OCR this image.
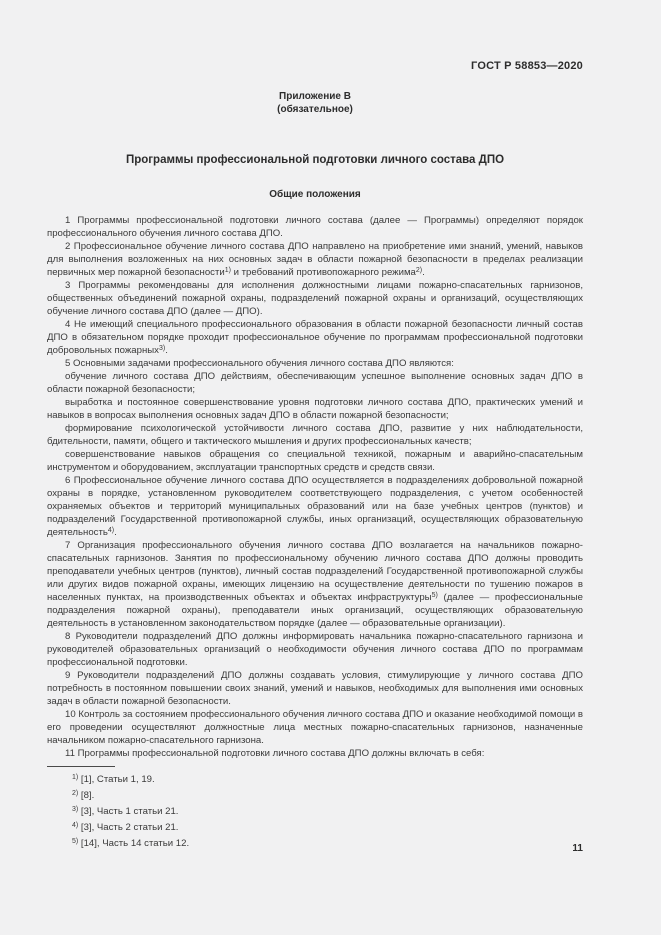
ГОСТ Р 58853—2020
Приложение В
(обязательное)
Программы профессиональной подготовки личного состава ДПО
Общие положения

1 Программы профессиональной подготовки личного состава (далее — Программы) определяют порядок профессионального обучения личного состава ДПО.

2 Профессиональное обучение личного состава ДПО направлено на приобретение ими знаний, умений, навыков для выполнения возложенных на них основных задач в области пожарной безопасности в пределах реализации первичных мер пожарной безопасности$^{1)}$ и требований противопожарного режима$^{2)}$.

3 Программы рекомендованы для исполнения должностными лицами пожарно-спасательных гарнизонов, общественных объединений пожарной охраны, подразделений пожарной охраны и организаций, осуществляющих обучение личного состава ДПО (далее — ДПО).

4 Не имеющий специального профессионального образования в области пожарной безопасности личный состав ДПО в обязательном порядке проходит профессиональное обучение по программам профессиональной подготовки добровольных пожарных$^{3)}$.

5 Основными задачами профессионального обучения личного состава ДПО являются:

обучение личного состава ДПО действиям, обеспечивающим успешное выполнение основных задач ДПО в области пожарной безопасности;

выработка и постоянное совершенствование уровня подготовки личного состава ДПО, практических умений и навыков в вопросах выполнения основных задач ДПО в области пожарной безопасности;

формирование психологической устойчивости личного состава ДПО, развитие у них наблюдательности, бдительности, памяти, общего и тактического мышления и других профессиональных качеств;

совершенствование навыков обращения со специальной техникой, пожарным и аварийно-спасательным инструментом и оборудованием, эксплуатации транспортных средств и средств связи.

6 Профессиональное обучение личного состава ДПО осуществляется в подразделениях добровольной пожарной охраны в порядке, установленном руководителем соответствующего подразделения, с учетом особенностей охраняемых объектов и территорий муниципальных образований или на базе учебных центров (пунктов) и подразделений Государственной противопожарной службы, иных организаций, осуществляющих образовательную деятельность$^{4)}$.

7 Организация профессионального обучения личного состава ДПО возлагается на начальников пожарно-спасательных гарнизонов. Занятия по профессиональному обучению личного состава ДПО должны проводить преподаватели учебных центров (пунктов), личный состав подразделений Государственной противопожарной службы или других видов пожарной охраны, имеющих лицензию на осуществление деятельности по тушению пожаров в населенных пунктах, на производственных объектах и объектах инфраструктуры$^{5)}$ (далее — профессиональные подразделения пожарной охраны), преподаватели иных организаций, осуществляющих образовательную деятельность в установленном законодательством порядке (далее — образовательные организации).

8 Руководители подразделений ДПО должны информировать начальника пожарно-спасательного гарнизона и руководителей образовательных организаций о необходимости обучения личного состава ДПО по программам профессиональной подготовки.

9 Руководители подразделений ДПО должны создавать условия, стимулирующие у личного состава ДПО потребность в постоянном повышении своих знаний, умений и навыков, необходимых для выполнения ими основных задач в области пожарной безопасности.

10 Контроль за состоянием профессионального обучения личного состава ДПО и оказание необходимой помощи в его проведении осуществляют должностные лица местных пожарно-спасательных гарнизонов, назначенные начальником пожарно-спасательного гарнизона.

11 Программы профессиональной подготовки личного состава ДПО должны включать в себя:

$^{1)}$ [1], Статьи 1, 19.
$^{2)}$ [8].
$^{3)}$ [3], Часть 1 статьи 21.
$^{4)}$ [3], Часть 2 статьи 21.
$^{5)}$ [14], Часть 14 статьи 12.	11
